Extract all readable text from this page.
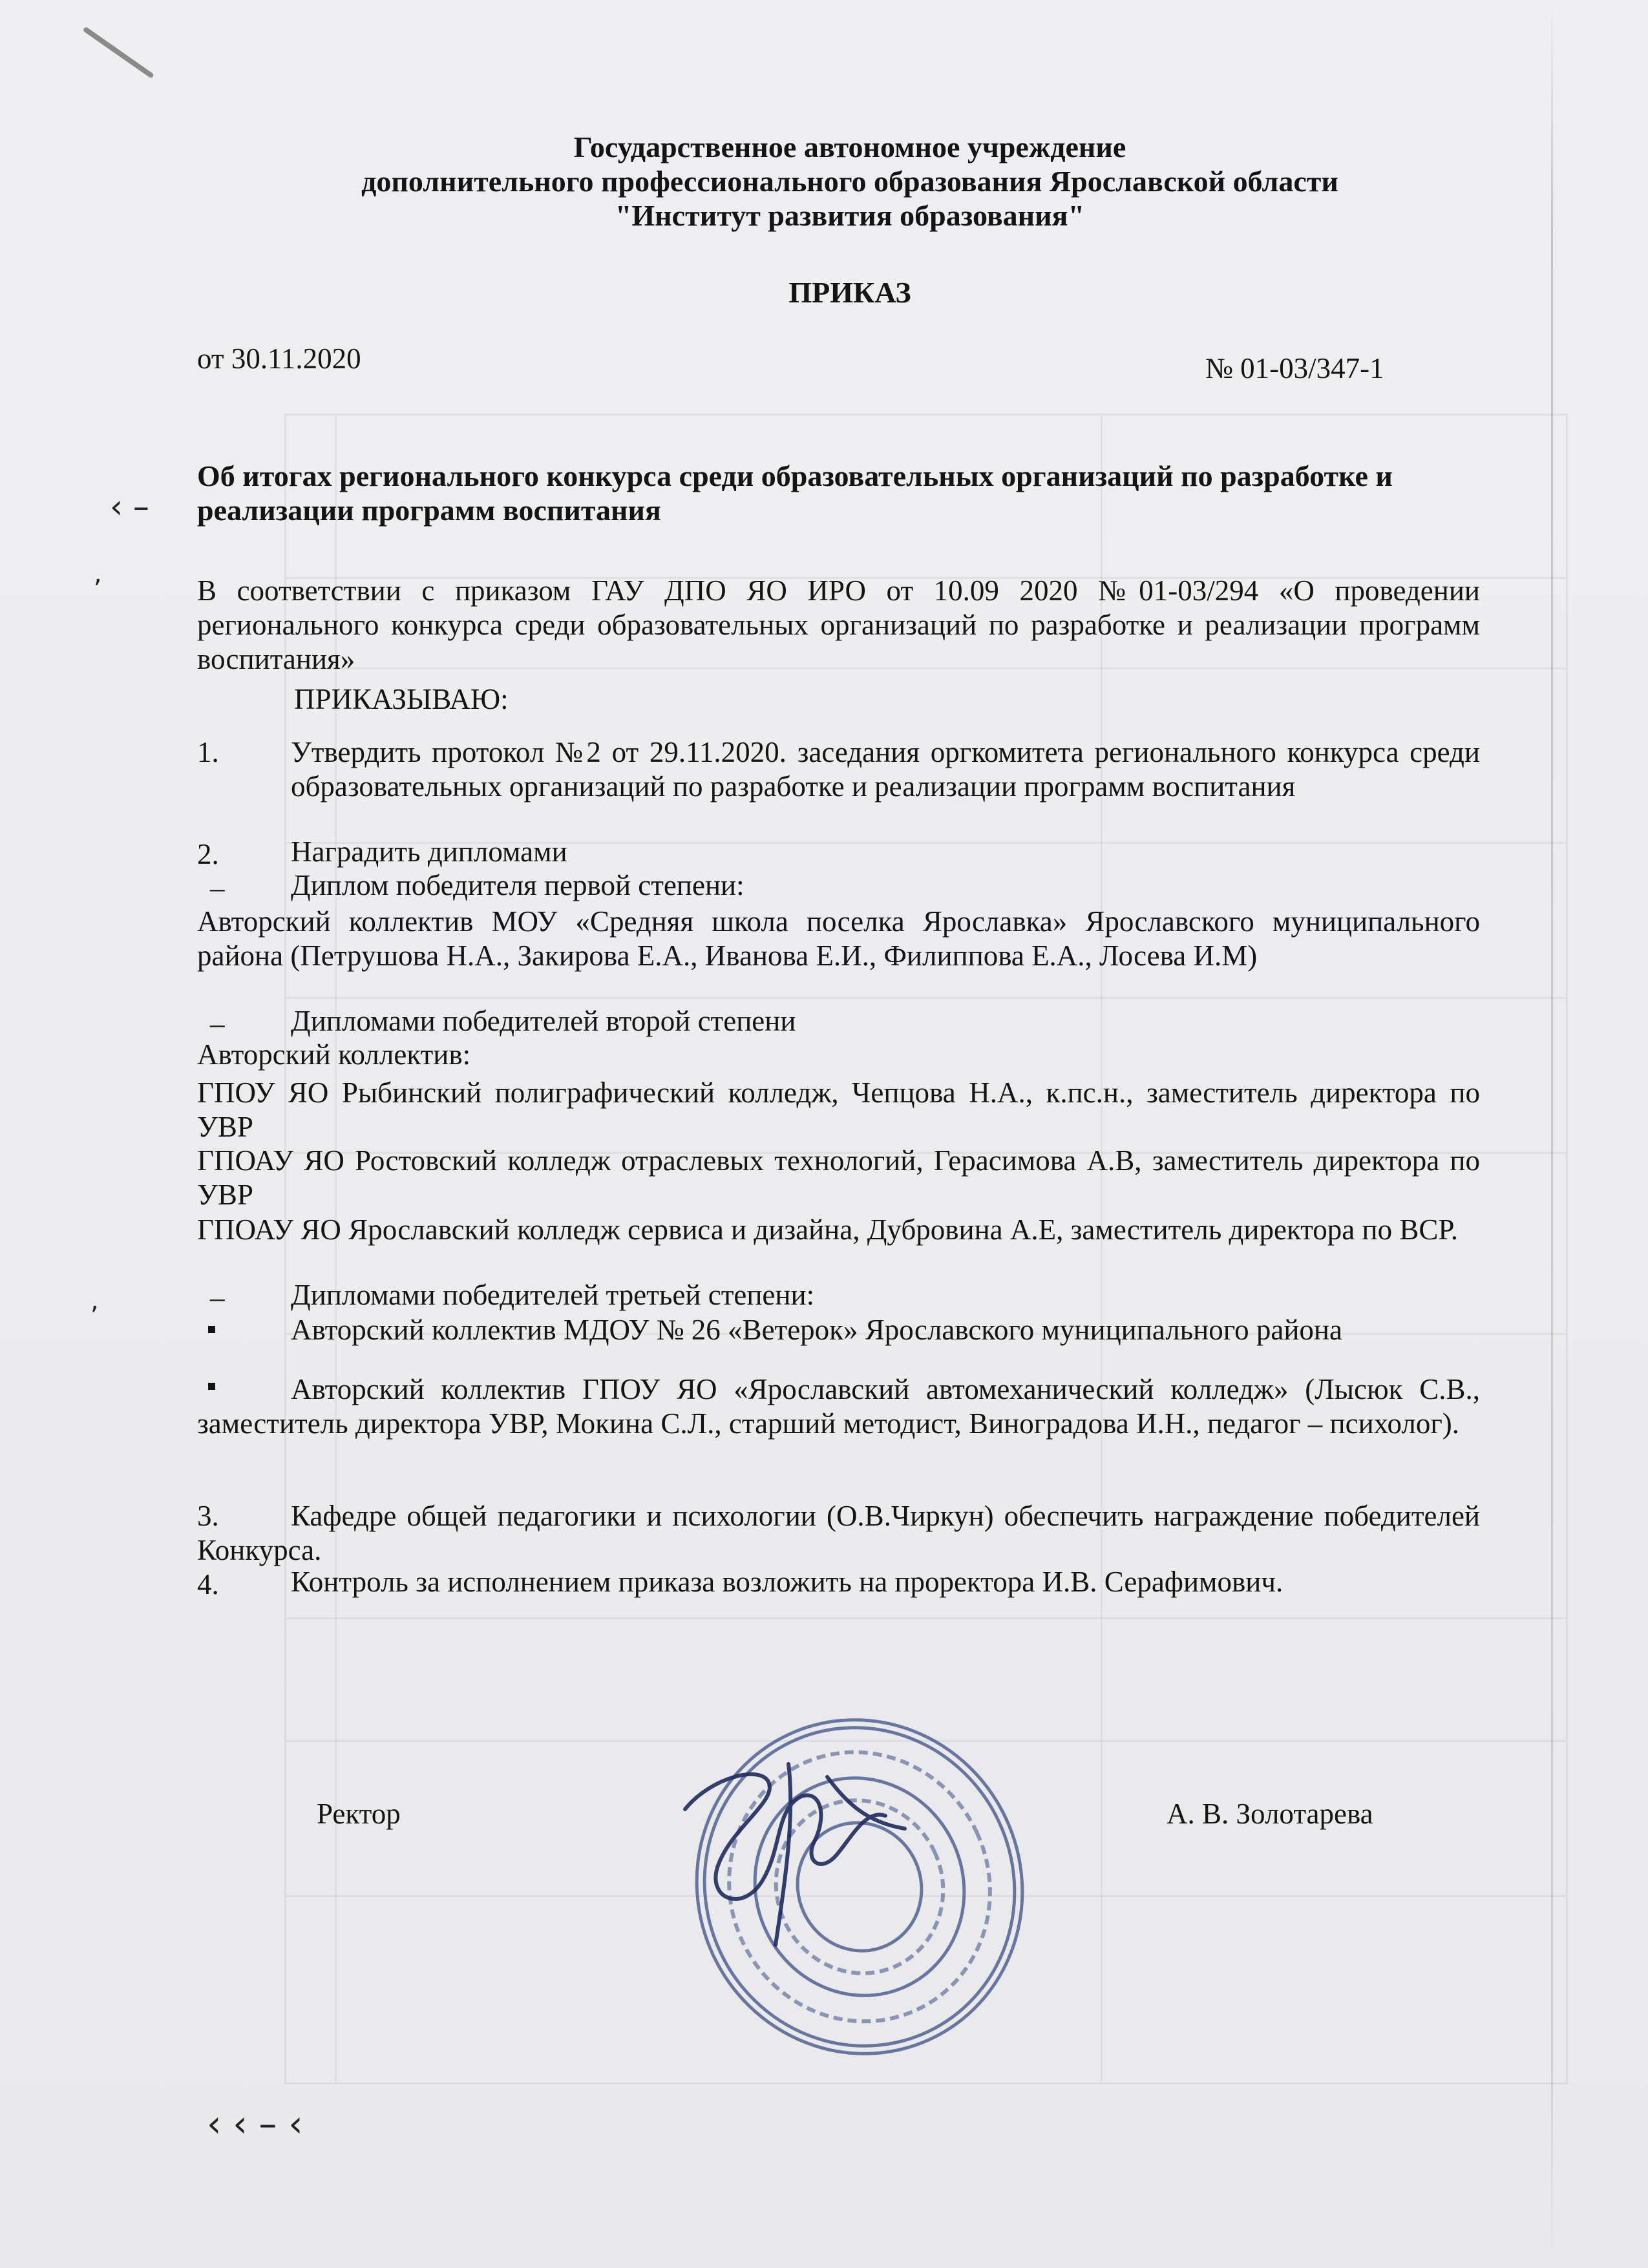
Государственное автономное учреждение
дополнительного профессионального образования Ярославской области
"Институт развития образования"
ПРИКАЗ
от 30.11.2020	№ 01-03/347-1
Об итогах регионального конкурса среди образовательных организаций по разработке и реализации программ воспитания
В соответствии с приказом ГАУ ДПО ЯО ИРО от 10.09 2020 №01-03/294 «О проведении регионального конкурса среди образовательных организаций по разработке и реализации программ воспитания»
ПРИКАЗЫВАЮ:
1. Утвердить протокол №2 от 29.11.2020. заседания оргкомитета регионального конкурса среди образовательных организаций по разработке и реализации программ воспитания
2. Наградить дипломами
– Диплом победителя первой степени:
Авторский коллектив МОУ «Средняя школа поселка Ярославка» Ярославского муниципального района (Петрушова Н.А., Закирова Е.А., Иванова Е.И., Филиппова Е.А., Лосева И.М)
– Дипломами победителей второй степени
Авторский коллектив:
ГПОУ ЯО Рыбинский полиграфический колледж, Чепцова Н.А., к.пс.н., заместитель директора по УВР
ГПОАУ ЯО Ростовский колледж отраслевых технологий, Герасимова А.В, заместитель директора по УВР
ГПОАУ ЯО Ярославский колледж сервиса и дизайна, Дубровина А.Е, заместитель директора по ВСР.
– Дипломами победителей третьей степени:
Авторский коллектив МДОУ № 26 «Ветерок» Ярославского муниципального района
Авторский коллектив ГПОУ ЯО «Ярославский автомеханический колледж» (Лысюк С.В., заместитель директора УВР, Мокина С.Л., старший методист, Виноградова И.Н., педагог – психолог).
3.	Кафедре общей педагогики и психологии (О.В.Чиркун) обеспечить награждение победителей Конкурса.
4. Контроль за исполнением приказа возложить на проректора И.В. Серафимович.
Ректор	А. В. Золотарева
‹ –
,
,
‹ ‹ – ‹
